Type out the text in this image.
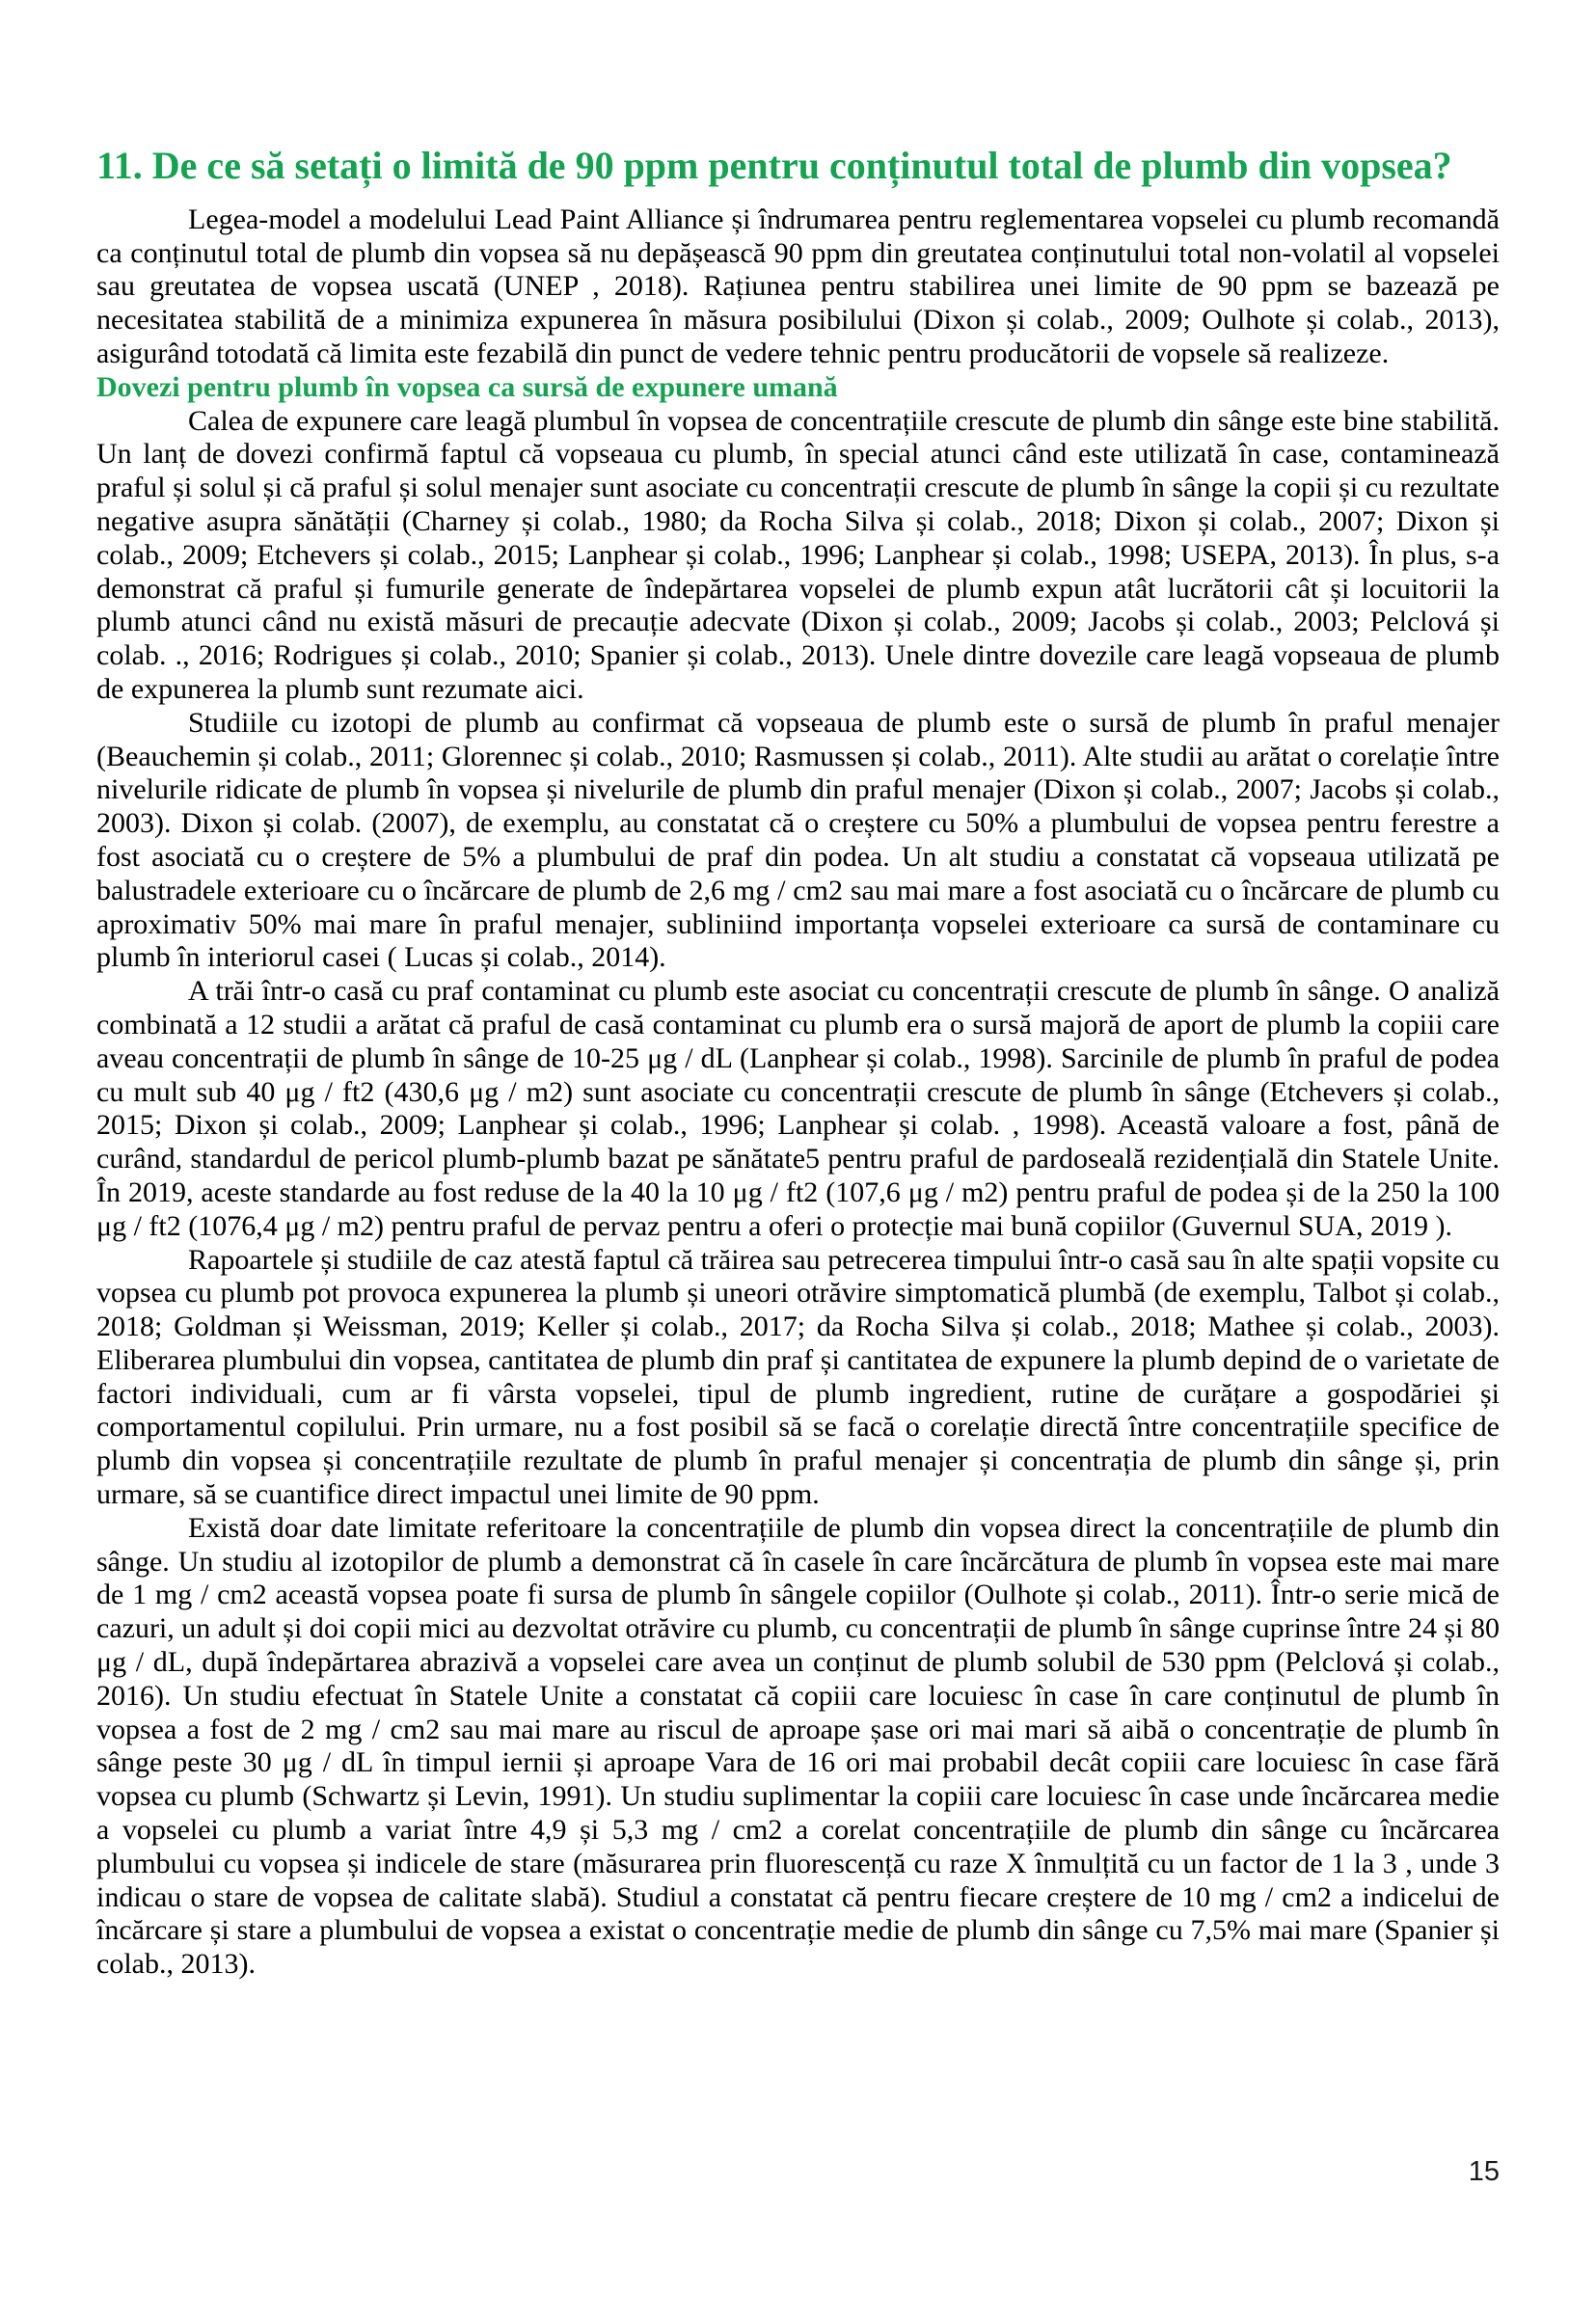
11. De ce să setați o limită de 90 ppm pentru conținutul total de plumb din vopsea?

Legea-model a modelului Lead Paint Alliance și îndrumarea pentru reglementarea vopselei cu plumb recomandă ca conținutul total de plumb din vopsea să nu depășească 90 ppm din greutatea conținutului total non-volatil al vopselei sau greutatea de vopsea uscată (UNEP , 2018). Rațiunea pentru stabilirea unei limite de 90 ppm se bazează pe necesitatea stabilită de a minimiza expunerea în măsura posibilului (Dixon și colab., 2009; Oulhote și colab., 2013), asigurând totodată că limita este fezabilă din punct de vedere tehnic pentru producătorii de vopsele să realizeze.

Dovezi pentru plumb în vopsea ca sursă de expunere umană

Calea de expunere care leagă plumbul în vopsea de concentrațiile crescute de plumb din sânge este bine stabilită. Un lanț de dovezi confirmă faptul că vopseaua cu plumb, în special atunci când este utilizată în case, contaminează praful și solul și că praful și solul menajer sunt asociate cu concentrații crescute de plumb în sânge la copii și cu rezultate negative asupra sănătății (Charney și colab., 1980; da Rocha Silva și colab., 2018; Dixon și colab., 2007; Dixon și colab., 2009; Etchevers și colab., 2015; Lanphear și colab., 1996; Lanphear și colab., 1998; USEPA, 2013). În plus, s-a demonstrat că praful și fumurile generate de îndepărtarea vopselei de plumb expun atât lucrătorii cât și locuitorii la plumb atunci când nu există măsuri de precauție adecvate (Dixon și colab., 2009; Jacobs și colab., 2003; Pelclová și colab. ., 2016; Rodrigues și colab., 2010; Spanier și colab., 2013). Unele dintre dovezile care leagă vopseaua de plumb de expunerea la plumb sunt rezumate aici.

Studiile cu izotopi de plumb au confirmat că vopseaua de plumb este o sursă de plumb în praful menajer (Beauchemin și colab., 2011; Glorennec și colab., 2010; Rasmussen și colab., 2011). Alte studii au arătat o corelație între nivelurile ridicate de plumb în vopsea și nivelurile de plumb din praful menajer (Dixon și colab., 2007; Jacobs și colab., 2003). Dixon și colab. (2007), de exemplu, au constatat că o creștere cu 50% a plumbului de vopsea pentru ferestre a fost asociată cu o creștere de 5% a plumbului de praf din podea. Un alt studiu a constatat că vopseaua utilizată pe balustradele exterioare cu o încărcare de plumb de 2,6 mg / cm2 sau mai mare a fost asociată cu o încărcare de plumb cu aproximativ 50% mai mare în praful menajer, subliniind importanța vopselei exterioare ca sursă de contaminare cu plumb în interiorul casei ( Lucas și colab., 2014).

A trăi într-o casă cu praf contaminat cu plumb este asociat cu concentrații crescute de plumb în sânge. O analiză combinată a 12 studii a arătat că praful de casă contaminat cu plumb era o sursă majoră de aport de plumb la copiii care aveau concentrații de plumb în sânge de 10-25 μg / dL (Lanphear și colab., 1998). Sarcinile de plumb în praful de podea cu mult sub 40 μg / ft2 (430,6 μg / m2) sunt asociate cu concentrații crescute de plumb în sânge (Etchevers și colab., 2015; Dixon și colab., 2009; Lanphear și colab., 1996; Lanphear și colab. , 1998). Această valoare a fost, până de curând, standardul de pericol plumb-plumb bazat pe sănătate5 pentru praful de pardoseală rezidențială din Statele Unite. În 2019, aceste standarde au fost reduse de la 40 la 10 μg / ft2 (107,6 μg / m2) pentru praful de podea și de la 250 la 100 μg / ft2 (1076,4 μg / m2) pentru praful de pervaz pentru a oferi o protecție mai bună copiilor (Guvernul SUA, 2019 ).

Rapoartele și studiile de caz atestă faptul că trăirea sau petrecerea timpului într-o casă sau în alte spații vopsite cu vopsea cu plumb pot provoca expunerea la plumb și uneori otrăvire simptomatică plumbă (de exemplu, Talbot și colab., 2018; Goldman și Weissman, 2019; Keller și colab., 2017; da Rocha Silva și colab., 2018; Mathee și colab., 2003). Eliberarea plumbului din vopsea, cantitatea de plumb din praf și cantitatea de expunere la plumb depind de o varietate de factori individuali, cum ar fi vârsta vopselei, tipul de plumb ingredient, rutine de curățare a gospodăriei și comportamentul copilului. Prin urmare, nu a fost posibil să se facă o corelație directă între concentrațiile specifice de plumb din vopsea și concentrațiile rezultate de plumb în praful menajer și concentrația de plumb din sânge și, prin urmare, să se cuantifice direct impactul unei limite de 90 ppm.

Există doar date limitate referitoare la concentrațiile de plumb din vopsea direct la concentrațiile de plumb din sânge. Un studiu al izotopilor de plumb a demonstrat că în casele în care încărcătura de plumb în vopsea este mai mare de 1 mg / cm2 această vopsea poate fi sursa de plumb în sângele copiilor (Oulhote și colab., 2011). Într-o serie mică de cazuri, un adult și doi copii mici au dezvoltat otrăvire cu plumb, cu concentrații de plumb în sânge cuprinse între 24 și 80 μg / dL, după îndepărtarea abrazivă a vopselei care avea un conținut de plumb solubil de 530 ppm (Pelclová și colab., 2016). Un studiu efectuat în Statele Unite a constatat că copiii care locuiesc în case în care conținutul de plumb în vopsea a fost de 2 mg / cm2 sau mai mare au riscul de aproape șase ori mai mari să aibă o concentrație de plumb în sânge peste 30 μg / dL în timpul iernii și aproape Vara de 16 ori mai probabil decât copiii care locuiesc în case fără vopsea cu plumb (Schwartz și Levin, 1991). Un studiu suplimentar la copiii care locuiesc în case unde încărcarea medie a vopselei cu plumb a variat între 4,9 și 5,3 mg / cm2 a corelat concentrațiile de plumb din sânge cu încărcarea plumbului cu vopsea și indicele de stare (măsurarea prin fluorescență cu raze X înmulțită cu un factor de 1 la 3 , unde 3 indicau o stare de vopsea de calitate slabă). Studiul a constatat că pentru fiecare creștere de 10 mg / cm2 a indicelui de încărcare și stare a plumbului de vopsea a existat o concentrație medie de plumb din sânge cu 7,5% mai mare (Spanier și colab., 2013).

15
